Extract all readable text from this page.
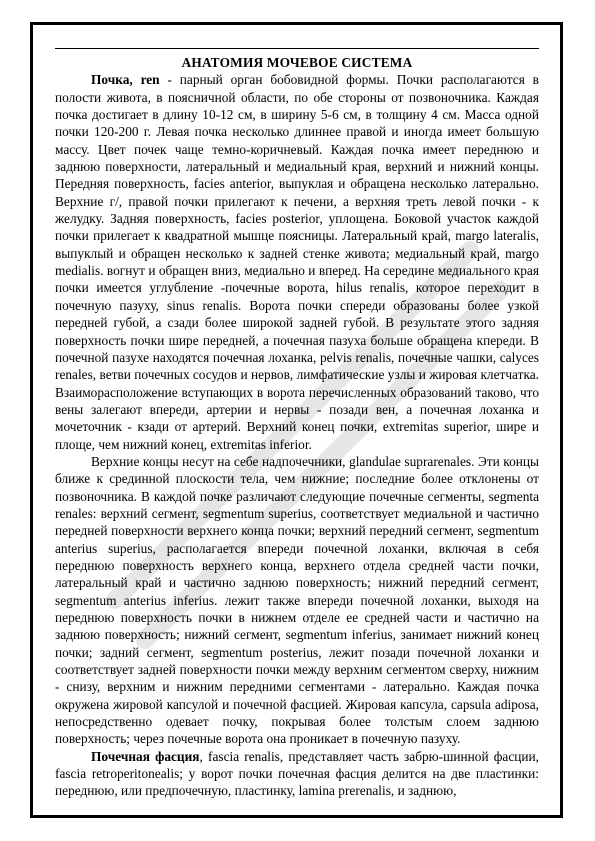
АНАТОМИЯ МОЧЕВОЕ СИСТЕМА

Почка, ren - парный орган бобовидной формы. Почки располагаются в полости живота, в поясничной области, по обе стороны от позвоночника. Каждая почка достигает в длину 10-12 см, в ширину 5-6 см, в толщину 4 см. Масса одной почки 120-200 г. Левая почка несколько длиннее правой и иногда имеет большую массу. Цвет почек чаще темно-коричневый. Каждая почка имеет переднюю и заднюю поверхности, латеральный и медиальный края, верхний и нижний концы. Передняя поверхность, facies anterior, выпуклая и обращена несколько латерально. Верхние г/, правой почки прилегают к печени, а верхняя треть левой почки - к желудку. Задняя поверхность, facies posterior, уплощена. Боковой участок каждой почки прилегает к квадратной мышце поясницы. Латеральный край, margo lateralis, выпуклый и обращен несколько к задней стенке живота; медиальный край, margo medialis. вогнут и обращен вниз, медиально и вперед. На середине медиального края почки имеется углубление -почечные ворота, hilus renalis, которое переходит в почечную пазуху, sinus renalis. Ворота почки спереди образованы более узкой передней губой, а сзади более широкой задней губой. В результате этого задняя поверхность почки шире передней, а почечная пазуха больше обращена кпереди. В почечной пазухе находятся почечная лоханка, pelvis renalis, почечные чашки, calyces renales, ветви почечных сосудов и нервов, лимфатические узлы и жировая клетчатка. Взаиморасположение вступающих в ворота перечисленных образований таково, что вены залегают впереди, артерии и нервы - позади вен, а почечная лоханка и мочеточник - кзади от артерий. Верхний конец почки, extremitas superior, шире и площе, чем нижний конец, extremitas inferior.

Верхние концы несут на себе надпочечники, glandulae suprarenales. Эти концы ближе к срединной плоскости тела, чем нижние; последние более отклонены от позвоночника. В каждой почке различают следующие почечные сегменты, segmenta renales: верхний сегмент, segmentum superius, соответствует медиальной и частично передней поверхности верхнего конца почки; верхний передний сегмент, segmentum anterius superius, располагается впереди почечной лоханки, включая в себя переднюю поверхность верхнего конца, верхнего отдела средней части почки, латеральный край и частично заднюю поверхность; нижний передний сегмент, segmentum anterius inferius. лежит также впереди почечной лоханки, выходя на переднюю поверхность почки в нижнем отделе ее средней части и частично на заднюю поверхность; нижний сегмент, segmentum inferius, занимает нижний конец почки; задний сегмент, segmentum posterius, лежит позади почечной лоханки и соответствует задней поверхности почки между верхним сегментом сверху, нижним - снизу, верхним и нижним передними сегментами - латерально. Каждая почка окружена жировой капсулой и почечной фасцией. Жировая капсула, capsula adiposa, непосредственно одевает почку, покрывая более толстым слоем заднюю поверхность; через почечные ворота она проникает в почечную пазуху.

Почечная фасция, fascia renalis, представляет часть забрю-шинной фасции, fascia retroperitonealis; у ворот почки почечная фасция делится на две пластинки: переднюю, или предпочечную, пластинку, lamina prerenalis, и заднюю,
